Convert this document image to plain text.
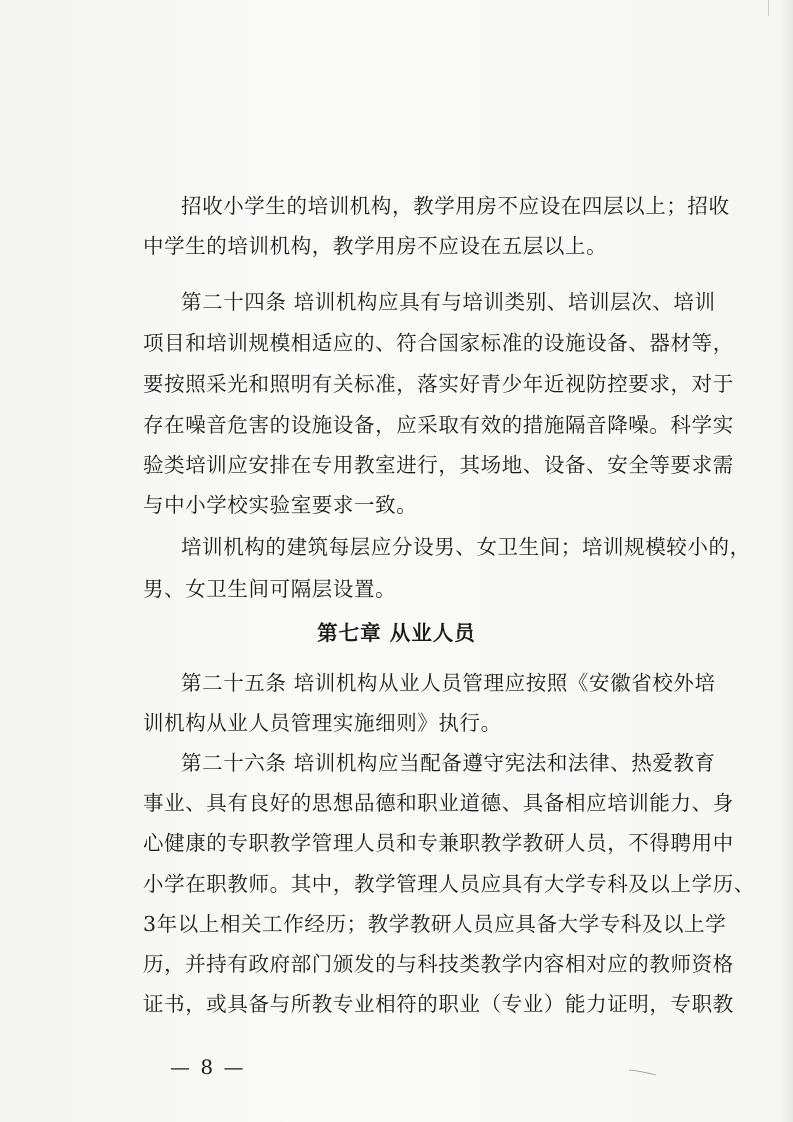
招收小学生的培训机构，教学用房不应设在四层以上；招收
中学生的培训机构，教学用房不应设在五层以上。
第二十四条 培训机构应具有与培训类别、培训层次、培训
项目和培训规模相适应的、符合国家标准的设施设备、器材等，
要按照采光和照明有关标准，落实好青少年近视防控要求，对于
存在噪音危害的设施设备，应采取有效的措施隔音降噪。科学实
验类培训应安排在专用教室进行，其场地、设备、安全等要求需
与中小学校实验室要求一致。
培训机构的建筑每层应分设男、女卫生间；培训规模较小的，
男、女卫生间可隔层设置。
第七章 从业人员
第二十五条 培训机构从业人员管理应按照《安徽省校外培
训机构从业人员管理实施细则》执行。
第二十六条 培训机构应当配备遵守宪法和法律、热爱教育
事业、具有良好的思想品德和职业道德、具备相应培训能力、身
心健康的专职教学管理人员和专兼职教学教研人员，不得聘用中
小学在职教师。其中，教学管理人员应具有大学专科及以上学历、
3年以上相关工作经历；教学教研人员应具备大学专科及以上学
历，并持有政府部门颁发的与科技类教学内容相对应的教师资格
证书，或具备与所教专业相符的职业（专业）能力证明，专职教
— 8 —
